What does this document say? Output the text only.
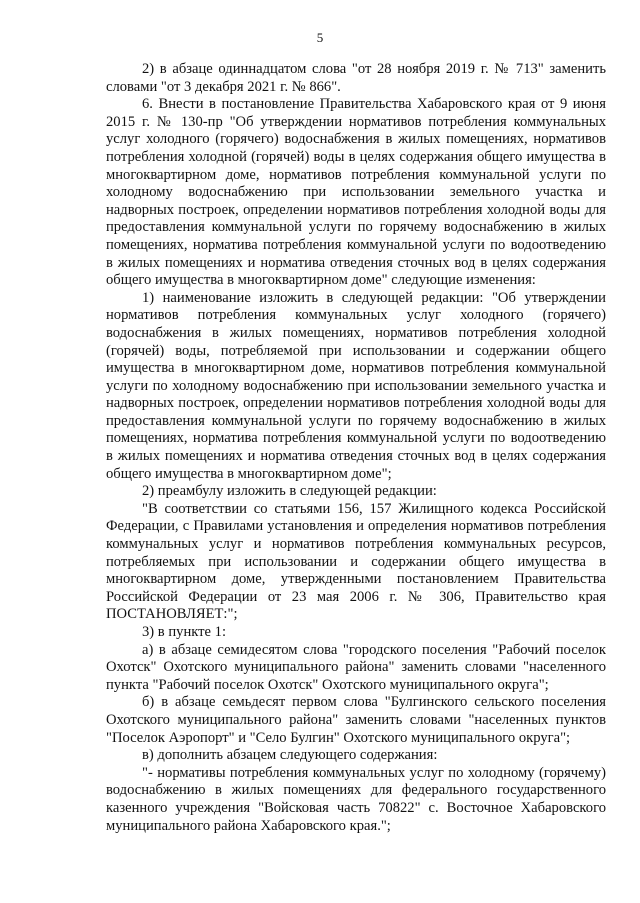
5

2) в абзаце одиннадцатом слова "от 28 ноября 2019 г. № 713" заменить словами "от 3 декабря 2021 г. № 866".

6. Внести в постановление Правительства Хабаровского края от 9 июня 2015 г. № 130-пр "Об утверждении нормативов потребления коммунальных услуг холодного (горячего) водоснабжения в жилых помещениях, нормативов потребления холодной (горячей) воды в целях содержания общего имущества в многоквартирном доме, нормативов потребления коммунальной услуги по холодному водоснабжению при использовании земельного участка и надворных построек, определении нормативов потребления холодной воды для предоставления коммунальной услуги по горячему водоснабжению в жилых помещениях, норматива потребления коммунальной услуги по водоотведению в жилых помещениях и норматива отведения сточных вод в целях содержания общего имущества в многоквартирном доме" следующие изменения:

1) наименование изложить в следующей редакции: "Об утверждении нормативов потребления коммунальных услуг холодного (горячего) водоснабжения в жилых помещениях, нормативов потребления холодной (горячей) воды, потребляемой при использовании и содержании общего имущества в многоквартирном доме, нормативов потребления коммунальной услуги по холодному водоснабжению при использовании земельного участка и надворных построек, определении нормативов потребления холодной воды для предоставления коммунальной услуги по горячему водоснабжению в жилых помещениях, норматива потребления коммунальной услуги по водоотведению в жилых помещениях и норматива отведения сточных вод в целях содержания общего имущества в многоквартирном доме";

2) преамбулу изложить в следующей редакции:

"В соответствии со статьями 156, 157 Жилищного кодекса Российской Федерации, с Правилами установления и определения нормативов потребления коммунальных услуг и нормативов потребления коммунальных ресурсов, потребляемых при использовании и содержании общего имущества в многоквартирном доме, утвержденными постановлением Правительства Российской Федерации от 23 мая 2006 г. № 306, Правительство края ПОСТАНОВЛЯЕТ:";

3) в пункте 1:

а) в абзаце семидесятом слова "городского поселения "Рабочий поселок Охотск" Охотского муниципального района" заменить словами "населенного пункта "Рабочий поселок Охотск" Охотского муниципального округа";

б) в абзаце семьдесят первом слова "Булгинского сельского поселения Охотского муниципального района" заменить словами "населенных пунктов "Поселок Аэропорт" и "Село Булгин" Охотского муниципального округа";

в) дополнить абзацем следующего содержания:

"- нормативы потребления коммунальных услуг по холодному (горячему) водоснабжению в жилых помещениях для федерального государственного казенного учреждения "Войсковая часть 70822" с. Восточное Хабаровского муниципального района Хабаровского края.";
